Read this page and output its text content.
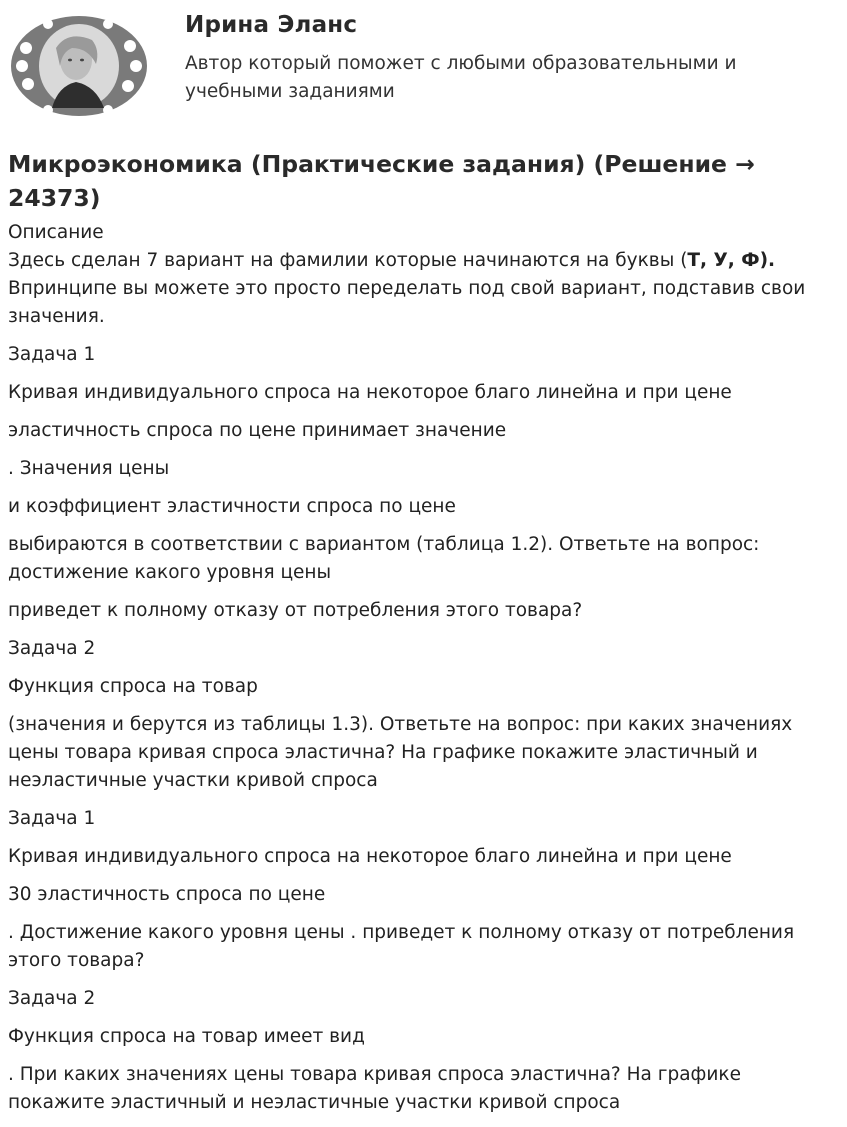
Ирина Эланс
Автор который поможет с любыми образовательными и учебными заданиями
Микроэкономика (Практические задания) (Решение → 24373)
Описание
Здесь сделан 7 вариант на фамилии которые начинаются на буквы (Т, У, Ф).
Впринципе вы можете это просто переделать под свой вариант, подставив свои значения.
Задача 1
Кривая индивидуального спроса на некоторое благо линейна и при цене
эластичность спроса по цене принимает значение
. Значения цены
и коэффициент эластичности спроса по цене
выбираются в соответствии с вариантом (таблица 1.2). Ответьте на вопрос: достижение какого уровня цены
приведет к полному отказу от потребления этого товара?
Задача 2
Функция спроса на товар
(значения и берутся из таблицы 1.3). Ответьте на вопрос: при каких значениях цены товара кривая спроса эластична? На графике покажите эластичный и неэластичные участки кривой спроса
Задача 1
Кривая индивидуального спроса на некоторое благо линейна и при цене
30 эластичность спроса по цене
. Достижение какого уровня цены . приведет к полному отказу от потребления этого товара?
Задача 2
Функция спроса на товар имеет вид
. При каких значениях цены товара кривая спроса эластична? На графике покажите эластичный и неэластичные участки кривой спроса
